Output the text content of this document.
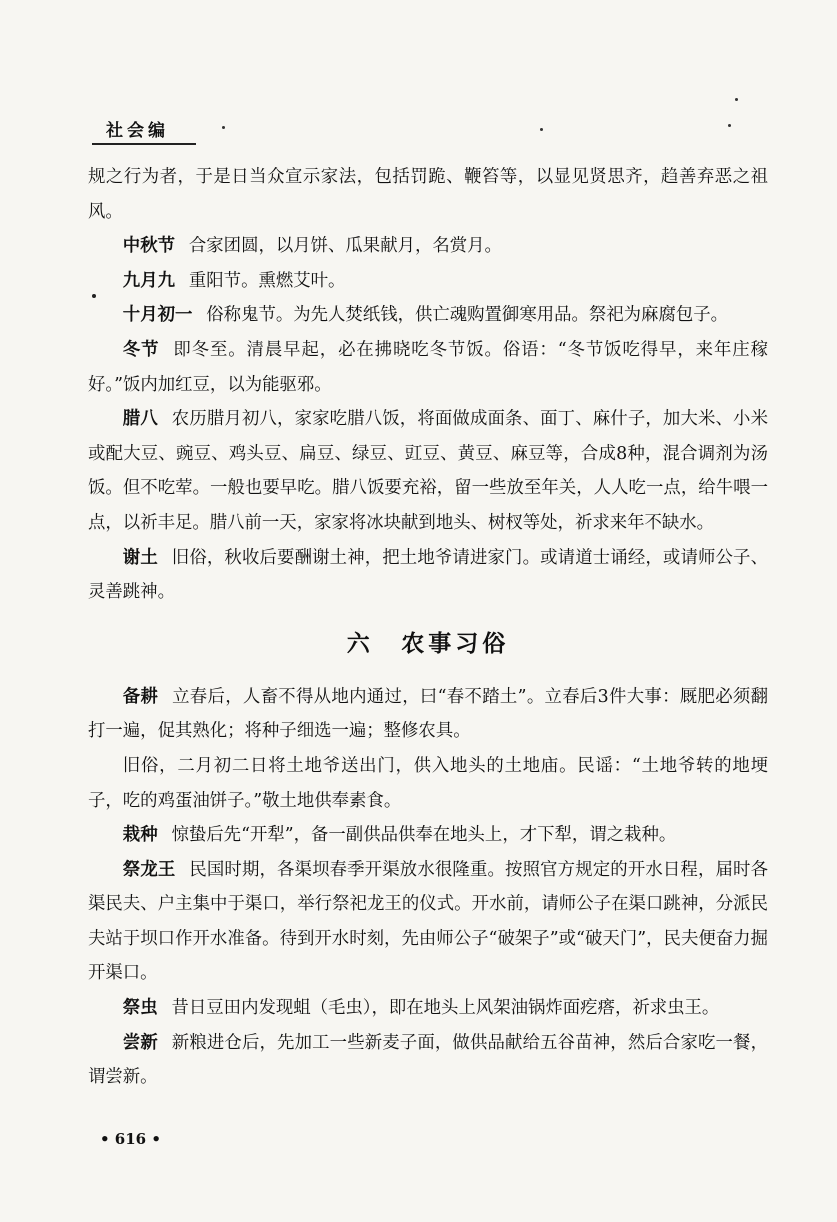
社会编

规之行为者，于是日当众宣示家法，包括罚跪、鞭笞等，以显见贤思齐，趋善弃恶之祖风。

中秋节 合家团圆，以月饼、瓜果献月，名赏月。

九月九 重阳节。熏燃艾叶。

十月初一 俗称鬼节。为先人焚纸钱，供亡魂购置御寒用品。祭祀为麻腐包子。

冬节 即冬至。清晨早起，必在拂晓吃冬节饭。俗语：“冬节饭吃得早，来年庄稼好。”饭内加红豆，以为能驱邪。

腊八 农历腊月初八，家家吃腊八饭，将面做成面条、面丁、麻什子，加大米、小米或配大豆、豌豆、鸡头豆、扁豆、绿豆、豇豆、黄豆、麻豆等，合成8种，混合调剂为汤饭。但不吃荤。一般也要早吃。腊八饭要充裕，留一些放至年关，人人吃一点，给牛喂一点，以祈丰足。腊八前一天，家家将冰块献到地头、树杈等处，祈求来年不缺水。

谢土 旧俗，秋收后要酬谢土神，把土地爷请进家门。或请道士诵经，或请师公子、灵善跳神。

六 农事习俗

备耕 立春后，人畜不得从地内通过，曰“春不踏土”。立春后3件大事：厩肥必须翻打一遍，促其熟化；将种子细选一遍；整修农具。

旧俗，二月初二日将土地爷送出门，供入地头的土地庙。民谣：“土地爷转的地埂子，吃的鸡蛋油饼子。”敬土地供奉素食。

栽种 惊蛰后先“开犁”，备一副供品供奉在地头上，才下犁，谓之栽种。

祭龙王 民国时期，各渠坝春季开渠放水很隆重。按照官方规定的开水日程，届时各渠民夫、户主集中于渠口，举行祭祀龙王的仪式。开水前，请师公子在渠口跳神，分派民夫站于坝口作开水准备。待到开水时刻，先由师公子“破架子”或“破天门”，民夫便奋力掘开渠口。

祭虫 昔日豆田内发现蛆（毛虫），即在地头上风架油锅炸面疙瘩，祈求虫王。

尝新 新粮进仓后，先加工一些新麦子面，做供品献给五谷苗神，然后合家吃一餐，谓尝新。

• 616 •
